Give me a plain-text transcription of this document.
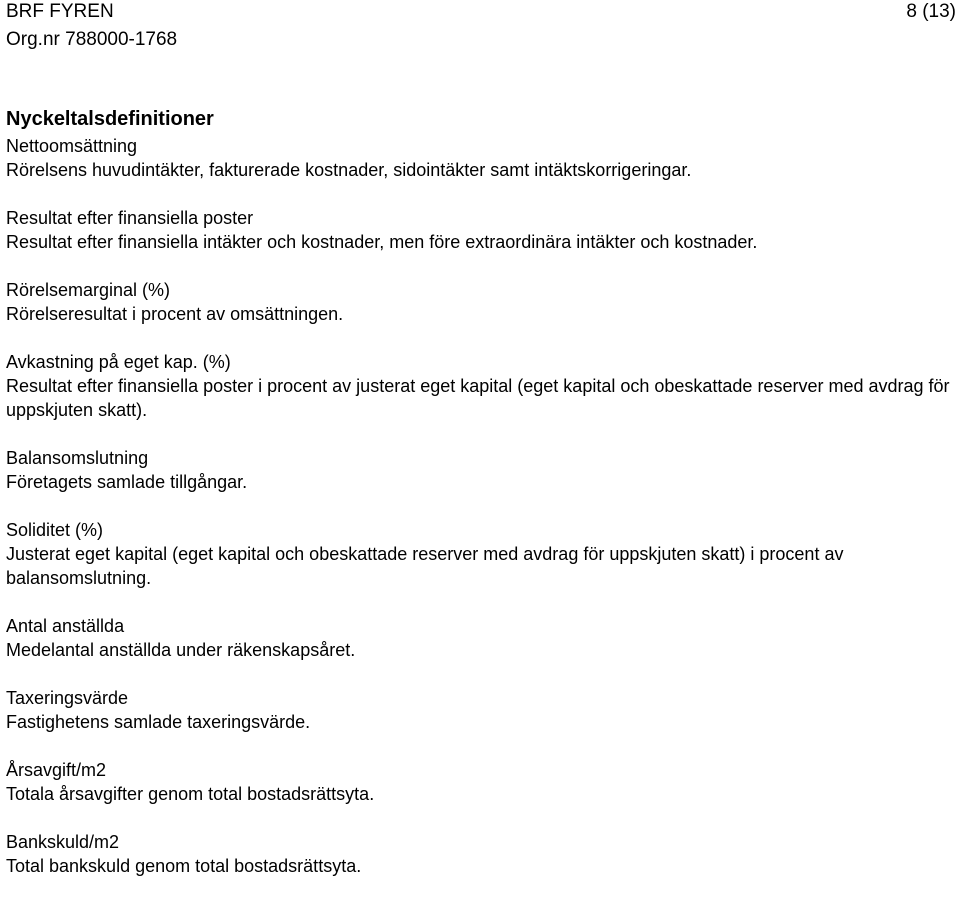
BRF FYREN
Org.nr 788000-1768
8 (13)
Nyckeltalsdefinitioner
Nettoomsättning
Rörelsens huvudintäkter, fakturerade kostnader, sidointäkter samt intäktskorrigeringar.
Resultat efter finansiella poster
Resultat efter finansiella intäkter och kostnader, men före extraordinära intäkter och kostnader.
Rörelsemarginal (%)
Rörelseresultat i procent av omsättningen.
Avkastning på eget kap. (%)
Resultat efter finansiella poster i procent av justerat eget kapital (eget kapital och obeskattade reserver med avdrag för uppskjuten skatt).
Balansomslutning
Företagets samlade tillgångar.
Soliditet (%)
Justerat eget kapital (eget kapital och obeskattade reserver med avdrag för uppskjuten skatt) i procent av balansomslutning.
Antal anställda
Medelantal anställda under räkenskapsåret.
Taxeringsvärde
Fastighetens samlade taxeringsvärde.
Årsavgift/m2
Totala årsavgifter genom total bostadsrättsyta.
Bankskuld/m2
Total bankskuld genom total bostadsrättsyta.
